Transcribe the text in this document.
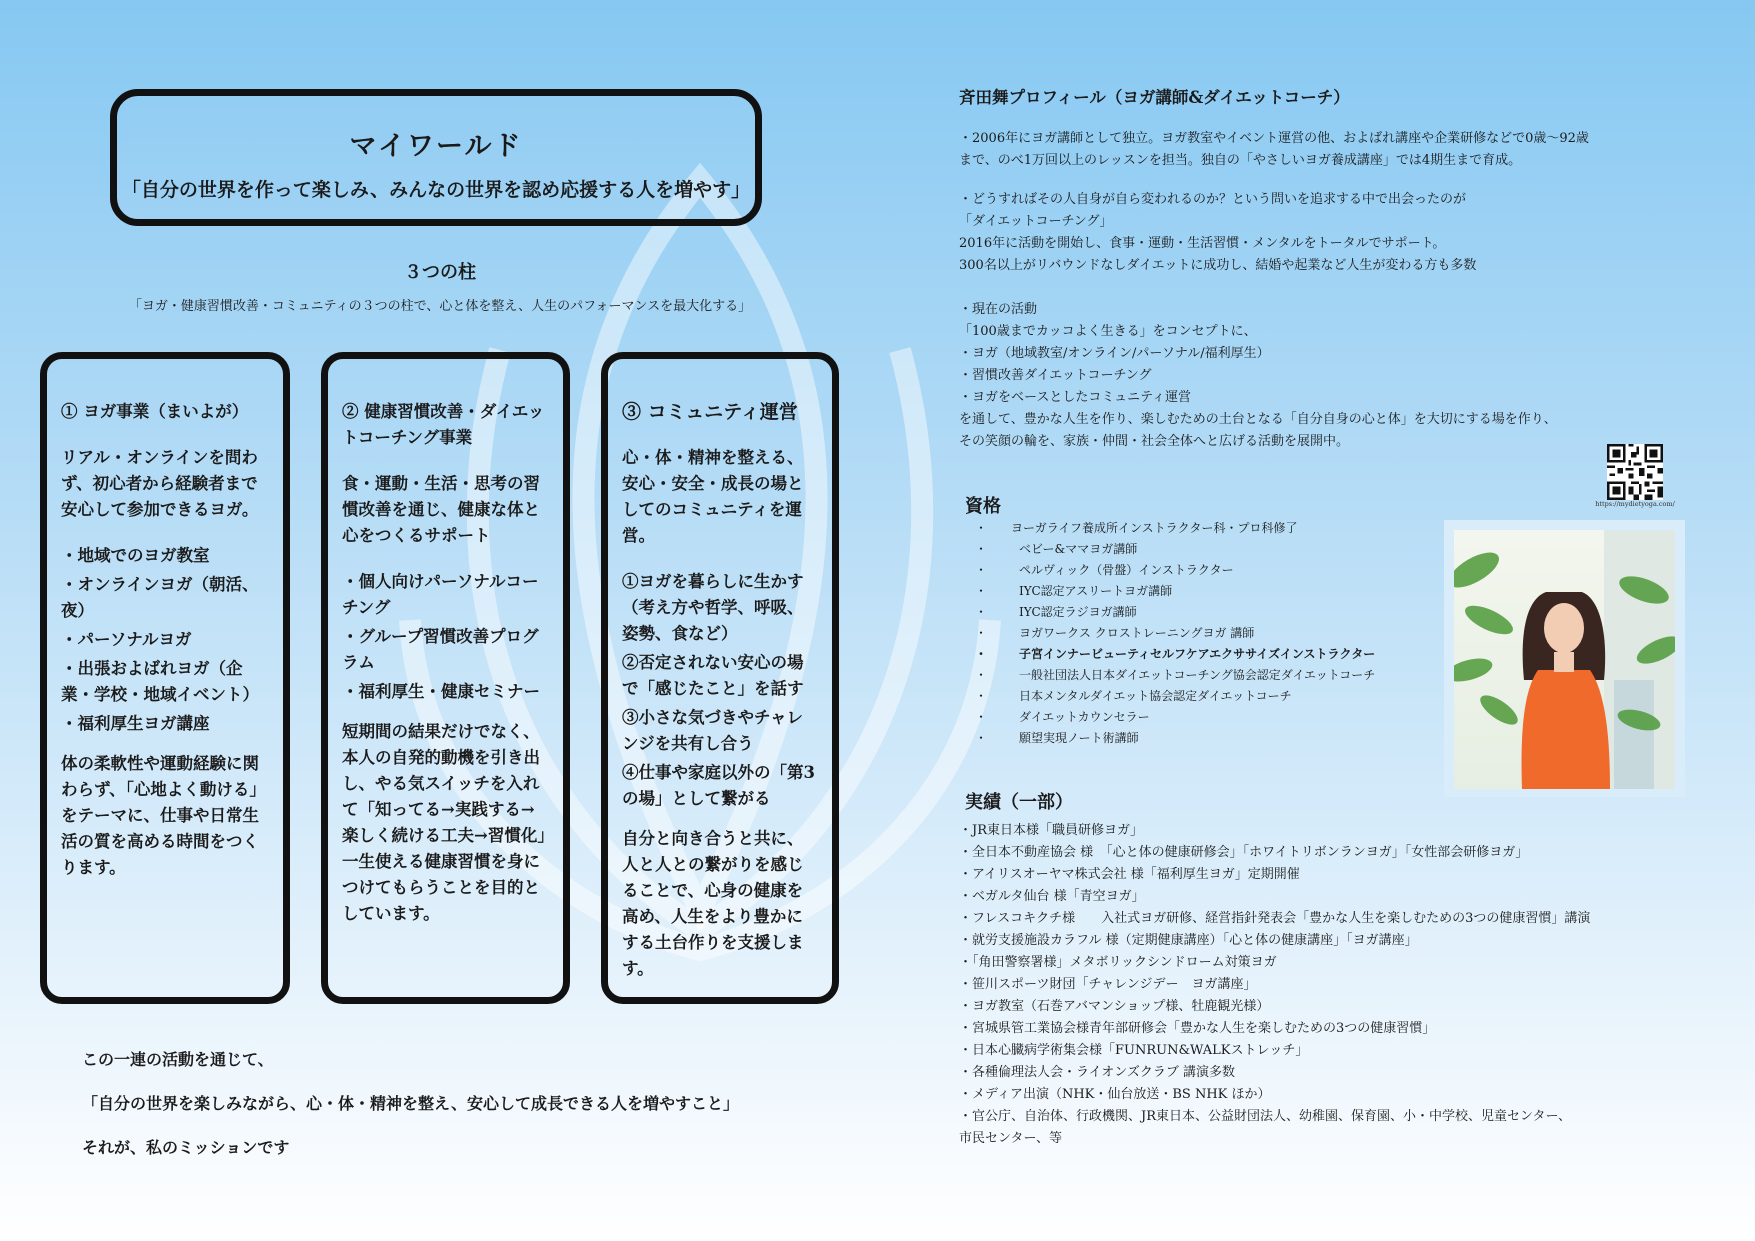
マイワールド
「自分の世界を作って楽しみ、みんなの世界を認め応援する人を増やす」
３つの柱
「ヨガ・健康習慣改善・コミュニティの３つの柱で、心と体を整え、人生のパフォーマンスを最大化する」

① ヨガ事業（まいよが）

リアル・オンラインを問わず、初心者から経験者まで安心して参加できるヨガ。

・地域でのヨガ教室
・オンラインヨガ（朝活、夜）
・パーソナルヨガ
・出張およばれヨガ（企業・学校・地域イベント）
・福利厚生ヨガ講座

体の柔軟性や運動経験に関わらず、「心地よく動ける」をテーマに、仕事や日常生活の質を高める時間をつくります。

② 健康習慣改善・ダイエットコーチング事業

食・運動・生活・思考の習慣改善を通じ、健康な体と心をつくるサポート

・個人向けパーソナルコーチング
・グループ習慣改善プログラム
・福利厚生・健康セミナー

短期間の結果だけでなく、本人の自発的動機を引き出し、やる気スイッチを入れて「知ってる→実践する→楽しく続ける工夫→習慣化」一生使える健康習慣を身につけてもらうことを目的としています。

③ コミュニティ運営

心・体・精神を整える、安心・安全・成長の場としてのコミュニティを運営。

①ヨガを暮らしに生かす（考え方や哲学、呼吸、姿勢、食など）
②否定されない安心の場で「感じたこと」を話す
③小さな気づきやチャレンジを共有し合う
④仕事や家庭以外の「第3の場」として繋がる

自分と向き合うと共に、人と人との繋がりを感じることで、心身の健康を高め、人生をより豊かにする土台作りを支援します。

この一連の活動を通じて、
「自分の世界を楽しみながら、心・体・精神を整え、安心して成長できる人を増やすこと」
それが、私のミッションです
斉田舞プロフィール（ヨガ講師&ダイエットコーチ）
・2006年にヨガ講師として独立。ヨガ教室やイベント運営の他、およばれ講座や企業研修などで0歳～92歳
まで、のべ1万回以上のレッスンを担当。独自の「やさしいヨガ養成講座」では4期生まで育成。
・どうすればその人自身が自ら変われるのか？という問いを追求する中で出会ったのが
「ダイエットコーチング」
2016年に活動を開始し、食事・運動・生活習慣・メンタルをトータルでサポート。
300名以上がリバウンドなしダイエットに成功し、結婚や起業など人生が変わる方も多数
・現在の活動
「100歳までカッコよく生きる」をコンセプトに、
・ヨガ（地域教室/オンライン/パーソナル/福利厚生）
・習慣改善ダイエットコーチング
・ヨガをベースとしたコミュニティ運営
を通して、豊かな人生を作り、楽しむための土台となる「自分自身の心と体」を大切にする場を作り、
その笑顔の輪を、家族・仲間・社会全体へと広げる活動を展開中。
https://mydietyoga.com/
資格
・ ヨーガライフ養成所インストラクター科・プロ科修了
・ ベビー&ママヨガ講師
・ ペルヴィック（骨盤）インストラクター
・ IYC認定アスリートヨガ講師
・ IYC認定ラジヨガ講師
・ ヨガワークス クロストレーニングヨガ 講師
・ 子宮インナービューティセルフケアエクササイズインストラクター
・ 一般社団法人日本ダイエットコーチング協会認定ダイエットコーチ
・ 日本メンタルダイエット協会認定ダイエットコーチ
・ ダイエットカウンセラー
・ 願望実現ノート術講師
実績（一部）
・JR東日本様「職員研修ヨガ」
・全日本不動産協会 様　「心と体の健康研修会」「ホワイトリボンランヨガ」「女性部会研修ヨガ」
・アイリスオーヤマ株式会社 様「福利厚生ヨガ」定期開催
・ベガルタ仙台 様「青空ヨガ」
・フレスコキクチ様　　入社式ヨガ研修、経営指針発表会「豊かな人生を楽しむための3つの健康習慣」講演
・就労支援施設カラフル 様（定期健康講座）「心と体の健康講座」「ヨガ講座」
・「角田警察署様」メタボリックシンドローム対策ヨガ
・笹川スポーツ財団「チャレンジデー　ヨガ講座」
・ヨガ教室（石巻アバマンショップ様、牡鹿観光様）
・宮城県管工業協会様青年部研修会「豊かな人生を楽しむための3つの健康習慣」
・日本心臓病学術集会様「FUNRUN&WALKストレッチ」
・各種倫理法人会・ライオンズクラブ 講演多数
・メディア出演（NHK・仙台放送・BS NHK ほか）
・官公庁、自治体、行政機関、JR東日本、公益財団法人、幼稚園、保育園、小・中学校、児童センター、
市民センター、等
